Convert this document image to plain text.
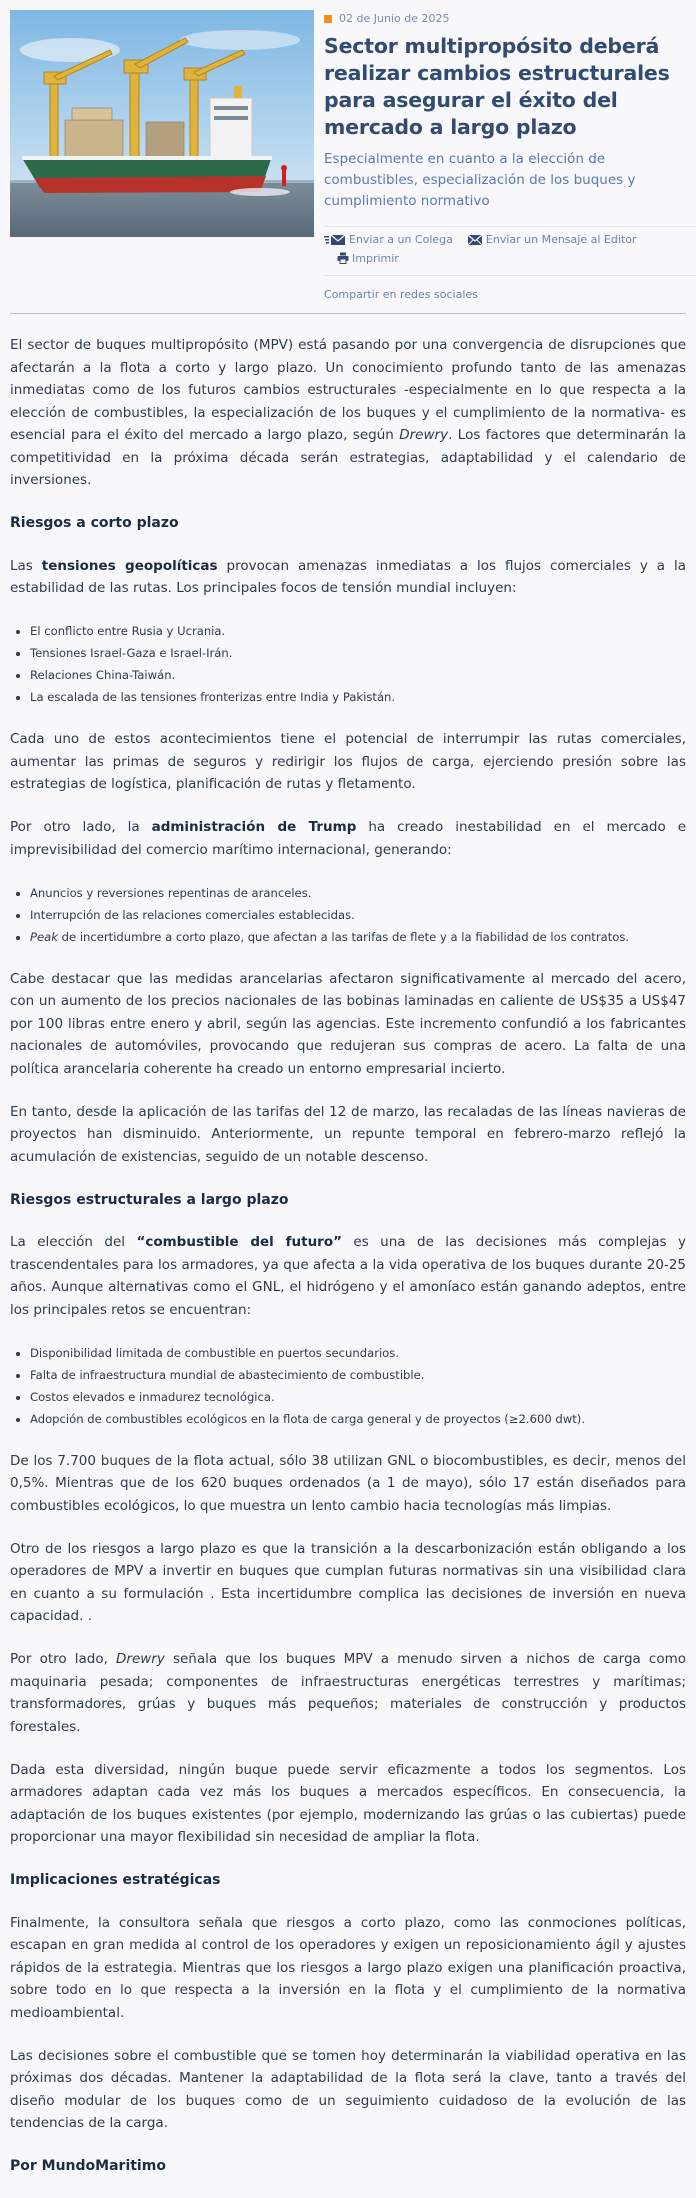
02 de Junio de 2025
Sector multipropósito deberá realizar cambios estructurales para asegurar el éxito del mercado a largo plazo

Especialmente en cuanto a la elección de combustibles, especialización de los buques y cumplimiento normativo

Enviar a un Colega	Enviar un Mensaje al Editor
Imprimir
Compartir en redes sociales

El sector de buques multipropósito (MPV) está pasando por una convergencia de disrupciones que afectarán a la flota a corto y largo plazo. Un conocimiento profundo tanto de las amenazas inmediatas como de los futuros cambios estructurales -especialmente en lo que respecta a la elección de combustibles, la especialización de los buques y el cumplimiento de la normativa- es esencial para el éxito del mercado a largo plazo, según Drewry. Los factores que determinarán la competitividad en la próxima década serán estrategias, adaptabilidad y el calendario de inversiones.

Riesgos a corto plazo

Las tensiones geopolíticas provocan amenazas inmediatas a los flujos comerciales y a la estabilidad de las rutas. Los principales focos de tensión mundial incluyen:

• El conflicto entre Rusia y Ucrania.
• Tensiones Israel-Gaza e Israel-Irán.
• Relaciones China-Taiwán.
• La escalada de las tensiones fronterizas entre India y Pakistán.

Cada uno de estos acontecimientos tiene el potencial de interrumpir las rutas comerciales, aumentar las primas de seguros y redirigir los flujos de carga, ejerciendo presión sobre las estrategias de logística, planificación de rutas y fletamento.

Por otro lado, la administración de Trump ha creado inestabilidad en el mercado e imprevisibilidad del comercio marítimo internacional, generando:

• Anuncios y reversiones repentinas de aranceles.
• Interrupción de las relaciones comerciales establecidas.
• Peak de incertidumbre a corto plazo, que afectan a las tarifas de flete y a la fiabilidad de los contratos.

Cabe destacar que las medidas arancelarias afectaron significativamente al mercado del acero, con un aumento de los precios nacionales de las bobinas laminadas en caliente de US$35 a US$47 por 100 libras entre enero y abril, según las agencias. Este incremento confundió a los fabricantes nacionales de automóviles, provocando que redujeran sus compras de acero. La falta de una política arancelaria coherente ha creado un entorno empresarial incierto.

En tanto, desde la aplicación de las tarifas del 12 de marzo, las recaladas de las líneas navieras de proyectos han disminuido. Anteriormente, un repunte temporal en febrero-marzo reflejó la acumulación de existencias, seguido de un notable descenso.

Riesgos estructurales a largo plazo

La elección del “combustible del futuro” es una de las decisiones más complejas y trascendentales para los armadores, ya que afecta a la vida operativa de los buques durante 20-25 años. Aunque alternativas como el GNL, el hidrógeno y el amoníaco están ganando adeptos, entre los principales retos se encuentran:

• Disponibilidad limitada de combustible en puertos secundarios.
• Falta de infraestructura mundial de abastecimiento de combustible.
• Costos elevados e inmadurez tecnológica.
• Adopción de combustibles ecológicos en la flota de carga general y de proyectos (≥2.600 dwt).

De los 7.700 buques de la flota actual, sólo 38 utilizan GNL o biocombustibles, es decir, menos del 0,5%. Mientras que de los 620 buques ordenados (a 1 de mayo), sólo 17 están diseñados para combustibles ecológicos, lo que muestra un lento cambio hacia tecnologías más limpias.

Otro de los riesgos a largo plazo es que la transición a la descarbonización están obligando a los operadores de MPV a invertir en buques que cumplan futuras normativas sin una visibilidad clara en cuanto a su formulación . Esta incertidumbre complica las decisiones de inversión en nueva capacidad. .

Por otro lado, Drewry señala que los buques MPV a menudo sirven a nichos de carga como maquinaria pesada; componentes de infraestructuras energéticas terrestres y marítimas; transformadores, grúas y buques más pequeños; materiales de construcción y productos forestales.

Dada esta diversidad, ningún buque puede servir eficazmente a todos los segmentos. Los armadores adaptan cada vez más los buques a mercados específicos. En consecuencia, la adaptación de los buques existentes (por ejemplo, modernizando las grúas o las cubiertas) puede proporcionar una mayor flexibilidad sin necesidad de ampliar la flota.

Implicaciones estratégicas

Finalmente, la consultora señala que riesgos a corto plazo, como las conmociones políticas, escapan en gran medida al control de los operadores y exigen un reposicionamiento ágil y ajustes rápidos de la estrategia. Mientras que los riesgos a largo plazo exigen una planificación proactiva, sobre todo en lo que respecta a la inversión en la flota y el cumplimiento de la normativa medioambiental.

Las decisiones sobre el combustible que se tomen hoy determinarán la viabilidad operativa en las próximas dos décadas. Mantener la adaptabilidad de la flota será la clave, tanto a través del diseño modular de los buques como de un seguimiento cuidadoso de la evolución de las tendencias de la carga.

Por MundoMaritimo
